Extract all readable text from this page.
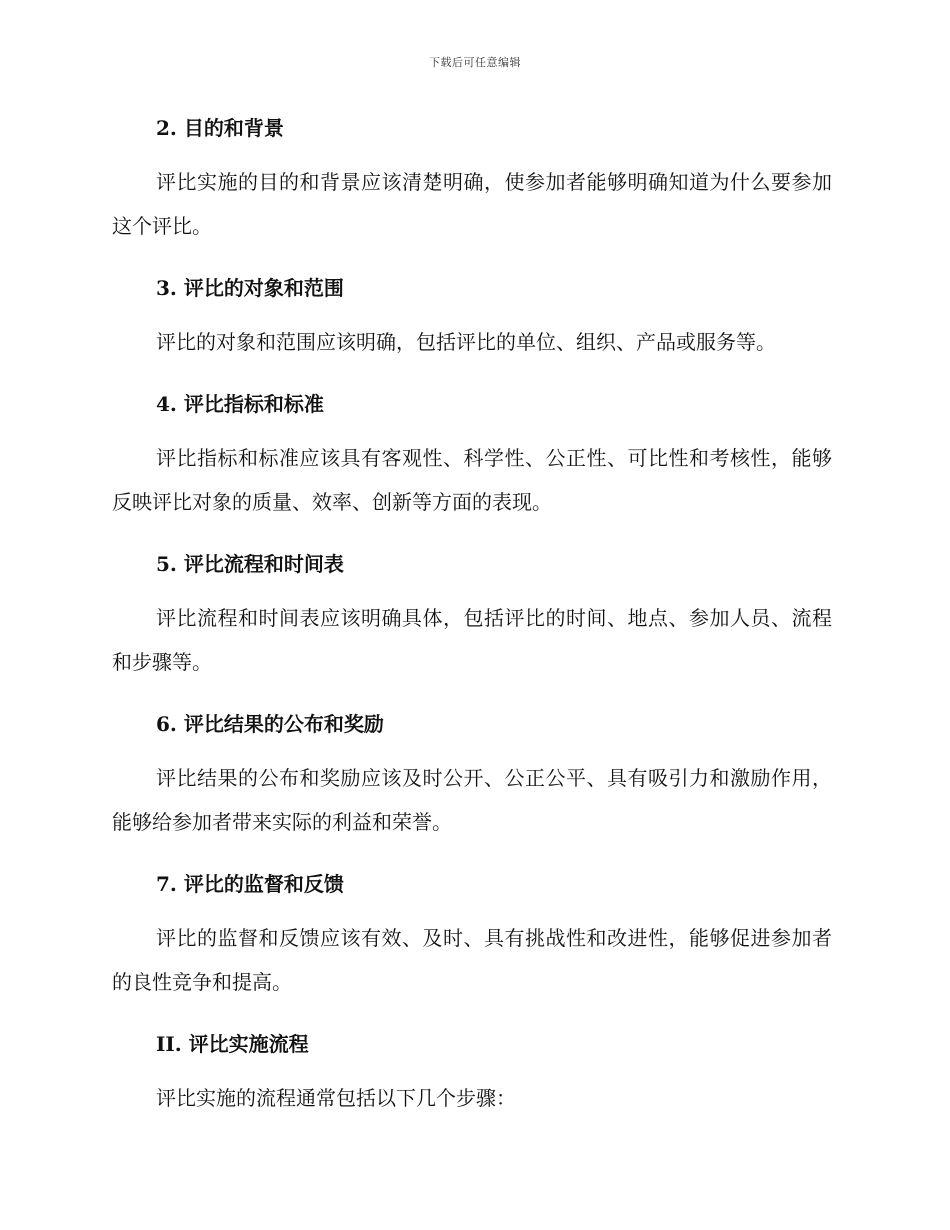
下载后可任意编辑
2. 目的和背景

评比实施的目的和背景应该清楚明确，使参加者能够明确知道为什么要参加这个评比。

3. 评比的对象和范围

评比的对象和范围应该明确，包括评比的单位、组织、产品或服务等。

4. 评比指标和标准

评比指标和标准应该具有客观性、科学性、公正性、可比性和考核性，能够反映评比对象的质量、效率、创新等方面的表现。

5. 评比流程和时间表

评比流程和时间表应该明确具体，包括评比的时间、地点、参加人员、流程和步骤等。

6. 评比结果的公布和奖励

评比结果的公布和奖励应该及时公开、公正公平、具有吸引力和激励作用，能够给参加者带来实际的利益和荣誉。

7. 评比的监督和反馈

评比的监督和反馈应该有效、及时、具有挑战性和改进性，能够促进参加者的良性竞争和提高。

II. 评比实施流程

评比实施的流程通常包括以下几个步骤：
